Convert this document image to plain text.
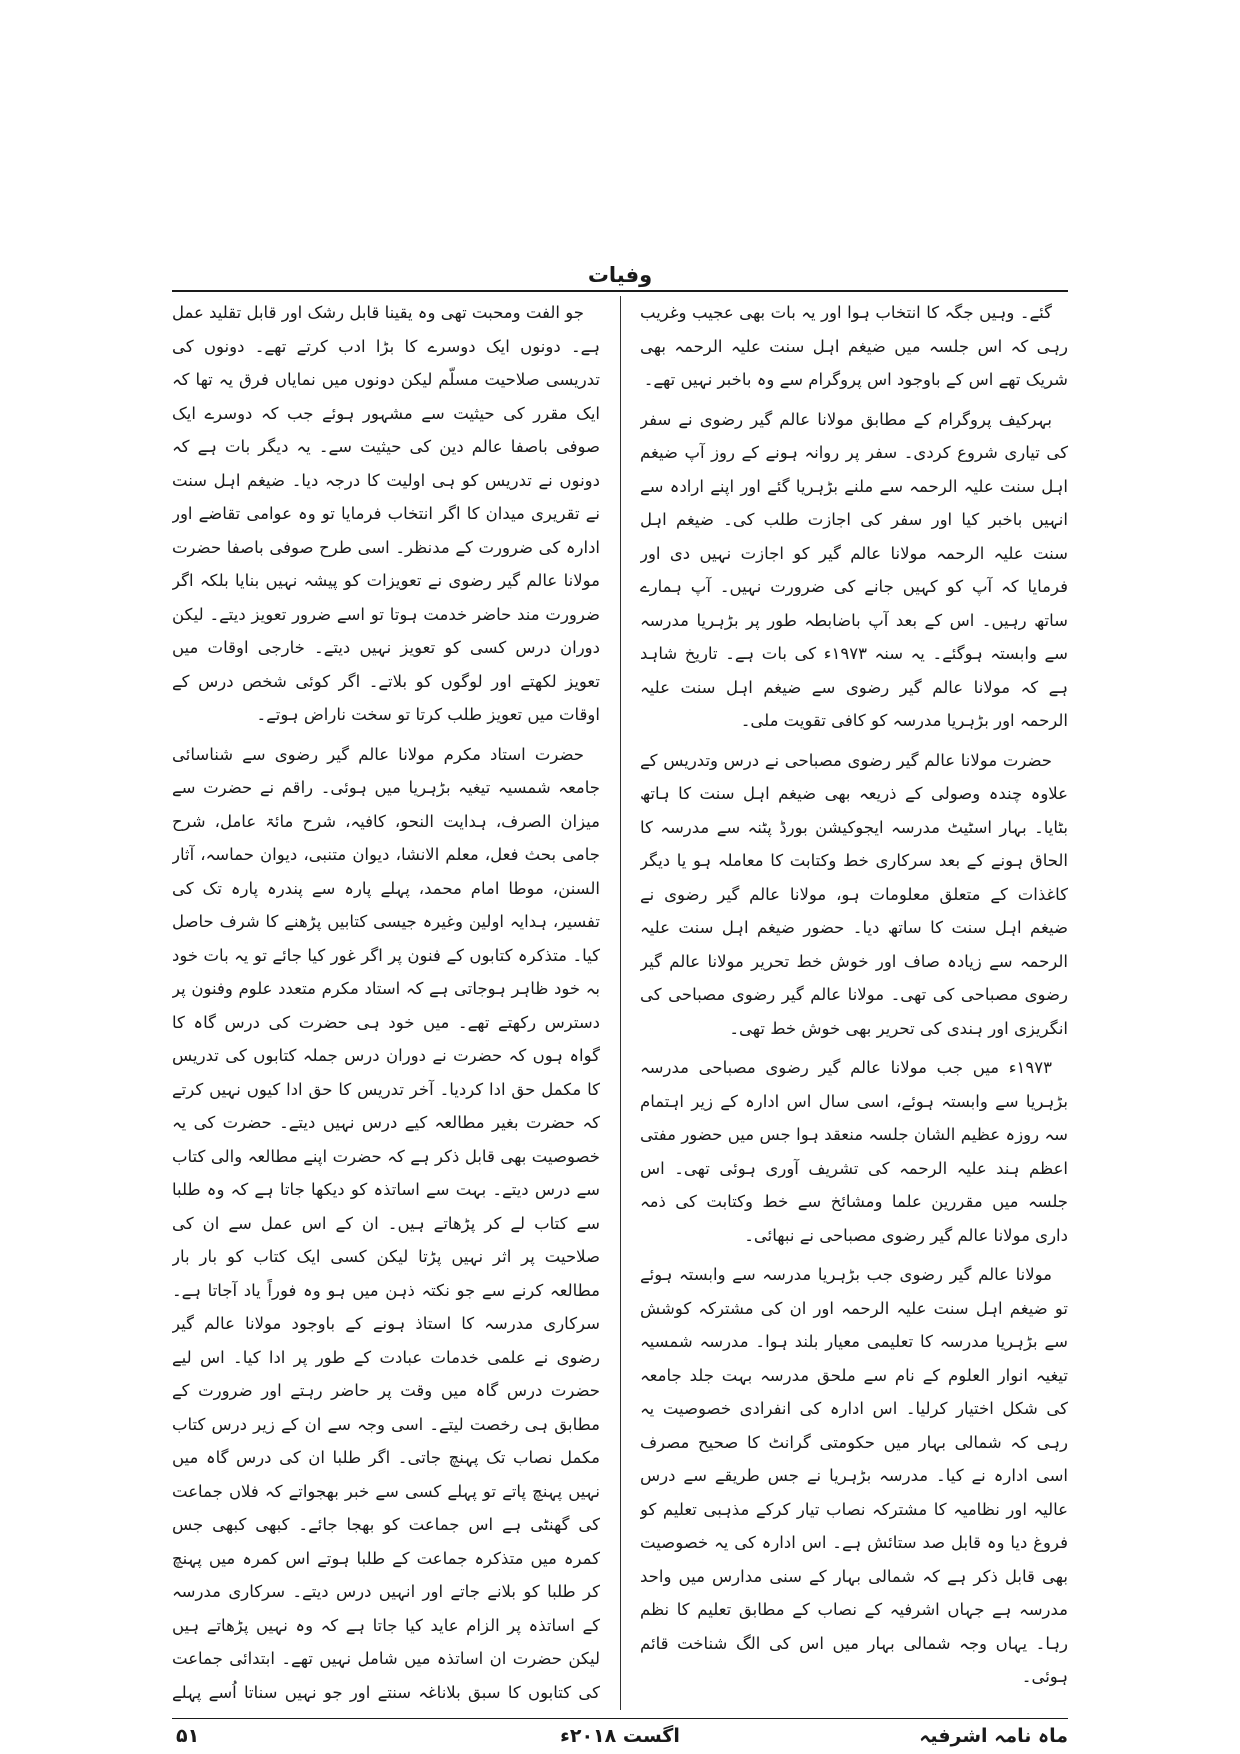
وفیات

گئے۔ وہیں جگہ کا انتخاب ہوا اور یہ بات بھی عجیب وغریب رہی کہ اس جلسہ میں ضیغم اہل سنت علیہ الرحمہ بھی شریک تھے اس کے باوجود اس پروگرام سے وہ باخبر نہیں تھے۔

بہرکیف پروگرام کے مطابق مولانا عالم گیر رضوی نے سفر کی تیاری شروع کردی۔ سفر پر روانہ ہونے کے روز آپ ضیغم اہل سنت علیہ الرحمہ سے ملنے بڑہریا گئے اور اپنے ارادہ سے انہیں باخبر کیا اور سفر کی اجازت طلب کی۔ ضیغم اہل سنت علیہ الرحمہ مولانا عالم گیر کو اجازت نہیں دی اور فرمایا کہ آپ کو کہیں جانے کی ضرورت نہیں۔ آپ ہمارے ساتھ رہیں۔ اس کے بعد آپ باضابطہ طور پر بڑہریا مدرسہ سے وابستہ ہوگئے۔ یہ سنہ ۱۹۷۳ء کی بات ہے۔ تاریخ شاہد ہے کہ مولانا عالم گیر رضوی سے ضیغم اہل سنت علیہ الرحمہ اور بڑہریا مدرسہ کو کافی تقویت ملی۔

حضرت مولانا عالم گیر رضوی مصباحی نے درس وتدریس کے علاوہ چندہ وصولی کے ذریعہ بھی ضیغم اہل سنت کا ہاتھ بٹایا۔ بہار اسٹیٹ مدرسہ ایجوکیشن بورڈ پٹنہ سے مدرسہ کا الحاق ہونے کے بعد سرکاری خط وکتابت کا معاملہ ہو یا دیگر کاغذات کے متعلق معلومات ہو، مولانا عالم گیر رضوی نے ضیغم اہل سنت کا ساتھ دیا۔ حضور ضیغم اہل سنت علیہ الرحمہ سے زیادہ صاف اور خوش خط تحریر مولانا عالم گیر رضوی مصباحی کی تھی۔ مولانا عالم گیر رضوی مصباحی کی انگریزی اور ہندی کی تحریر بھی خوش خط تھی۔

۱۹۷۳ء میں جب مولانا عالم گیر رضوی مصباحی مدرسہ بڑہریا سے وابستہ ہوئے، اسی سال اس ادارہ کے زیر اہتمام سہ روزہ عظیم الشان جلسہ منعقد ہوا جس میں حضور مفتی اعظم ہند علیہ الرحمہ کی تشریف آوری ہوئی تھی۔ اس جلسہ میں مقررین علما ومشائخ سے خط وکتابت کی ذمہ داری مولانا عالم گیر رضوی مصباحی نے نبھائی۔

مولانا عالم گیر رضوی جب بڑہریا مدرسہ سے وابستہ ہوئے تو ضیغم اہل سنت علیہ الرحمہ اور ان کی مشترکہ کوشش سے بڑہریا مدرسہ کا تعلیمی معیار بلند ہوا۔ مدرسہ شمسیہ تیغیہ انوار العلوم کے نام سے ملحق مدرسہ بہت جلد جامعہ کی شکل اختیار کرلیا۔ اس ادارہ کی انفرادی خصوصیت یہ رہی کہ شمالی بہار میں حکومتی گرانٹ کا صحیح مصرف اسی ادارہ نے کیا۔ مدرسہ بڑہریا نے جس طریقے سے درس عالیہ اور نظامیہ کا مشترکہ نصاب تیار کرکے مذہبی تعلیم کو فروغ دیا وہ قابل صد ستائش ہے۔ اس ادارہ کی یہ خصوصیت بھی قابل ذکر ہے کہ شمالی بہار کے سنی مدارس میں واحد مدرسہ ہے جہاں اشرفیہ کے نصاب کے مطابق تعلیم کا نظم رہا۔ یہاں وجہ شمالی بہار میں اس کی الگ شناخت قائم ہوئی۔

جو الفت ومحبت تھی وہ یقینا قابل رشک اور قابل تقلید عمل ہے۔ دونوں ایک دوسرے کا بڑا ادب کرتے تھے۔ دونوں کی تدریسی صلاحیت مسلّم لیکن دونوں میں نمایاں فرق یہ تھا کہ ایک مقرر کی حیثیت سے مشہور ہوئے جب کہ دوسرے ایک صوفی باصفا عالم دین کی حیثیت سے۔ یہ دیگر بات ہے کہ دونوں نے تدریس کو ہی اولیت کا درجہ دیا۔ ضیغم اہل سنت نے تقریری میدان کا اگر انتخاب فرمایا تو وہ عوامی تقاضے اور ادارہ کی ضرورت کے مدنظر۔ اسی طرح صوفی باصفا حضرت مولانا عالم گیر رضوی نے تعویزات کو پیشہ نہیں بنایا بلکہ اگر ضرورت مند حاضر خدمت ہوتا تو اسے ضرور تعویز دیتے۔ لیکن دوران درس کسی کو تعویز نہیں دیتے۔ خارجی اوقات میں تعویز لکھتے اور لوگوں کو بلاتے۔ اگر کوئی شخص درس کے اوقات میں تعویز طلب کرتا تو سخت ناراض ہوتے۔

حضرت استاد مکرم مولانا عالم گیر رضوی سے شناسائی جامعہ شمسیہ تیغیہ بڑہریا میں ہوئی۔ راقم نے حضرت سے میزان الصرف، ہدایت النحو، کافیہ، شرح مائۃ عامل، شرح جامی بحث فعل، معلم الانشا، دیوان متنبی، دیوان حماسہ، آثار السنن، موطا امام محمد، پہلے پارہ سے پندرہ پارہ تک کی تفسیر، ہدایہ اولین وغیرہ جیسی کتابیں پڑھنے کا شرف حاصل کیا۔ متذکرہ کتابوں کے فنون پر اگر غور کیا جائے تو یہ بات خود بہ خود ظاہر ہوجاتی ہے کہ استاد مکرم متعدد علوم وفنون پر دسترس رکھتے تھے۔ میں خود ہی حضرت کی درس گاہ کا گواہ ہوں کہ حضرت نے دوران درس جملہ کتابوں کی تدریس کا مکمل حق ادا کردیا۔ آخر تدریس کا حق ادا کیوں نہیں کرتے کہ حضرت بغیر مطالعہ کیے درس نہیں دیتے۔ حضرت کی یہ خصوصیت بھی قابل ذکر ہے کہ حضرت اپنے مطالعہ والی کتاب سے درس دیتے۔ بہت سے اساتذہ کو دیکھا جاتا ہے کہ وہ طلبا سے کتاب لے کر پڑھاتے ہیں۔ ان کے اس عمل سے ان کی صلاحیت پر اثر نہیں پڑتا لیکن کسی ایک کتاب کو بار بار مطالعہ کرنے سے جو نکتہ ذہن میں ہو وہ فوراً یاد آجاتا ہے۔ سرکاری مدرسہ کا استاذ ہونے کے باوجود مولانا عالم گیر رضوی نے علمی خدمات عبادت کے طور پر ادا کیا۔ اس لیے حضرت درس گاہ میں وقت پر حاضر رہتے اور ضرورت کے مطابق ہی رخصت لیتے۔ اسی وجہ سے ان کے زیر درس کتاب مکمل نصاب تک پہنچ جاتی۔ اگر طلبا ان کی درس گاہ میں نہیں پہنچ پاتے تو پہلے کسی سے خبر بھجواتے کہ فلاں جماعت کی گھنٹی ہے اس جماعت کو بھجا جائے۔ کبھی کبھی جس کمرہ میں متذکرہ جماعت کے طلبا ہوتے اس کمرہ میں پہنچ کر طلبا کو بلانے جاتے اور انہیں درس دیتے۔ سرکاری مدرسہ کے اساتذہ پر الزام عاید کیا جاتا ہے کہ وہ نہیں پڑھاتے ہیں لیکن حضرت ان اساتذہ میں شامل نہیں تھے۔ ابتدائی جماعت کی کتابوں کا سبق بلاناغہ سنتے اور جو نہیں سناتا اُسے پہلے

ماہ نامہ اشرفیہ
اگست ۲۰۱۸ء
۵۱
